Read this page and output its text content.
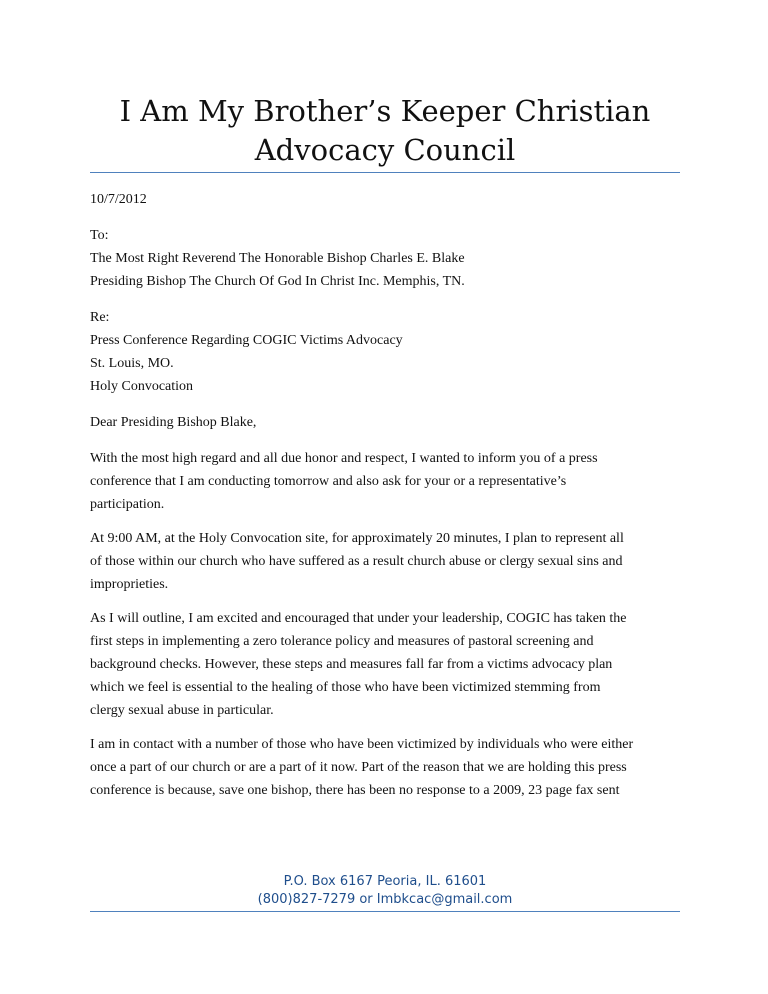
I Am My Brother’s Keeper Christian
Advocacy Council
10/7/2012
To:
The Most Right Reverend The Honorable Bishop Charles E. Blake
Presiding Bishop The Church Of God In Christ Inc. Memphis, TN.
Re:
Press Conference Regarding COGIC Victims Advocacy
St. Louis, MO.
Holy Convocation
Dear Presiding Bishop Blake,
With the most high regard and all due honor and respect, I wanted to inform you of a press
conference that I am conducting tomorrow and also ask for your or a representative’s
participation.
At 9:00 AM, at the Holy Convocation site, for approximately 20 minutes, I plan to represent all
of those within our church who have suffered as a result church abuse or clergy sexual sins and
improprieties.
As I will outline, I am excited and encouraged that under your leadership, COGIC has taken the
first steps in implementing a zero tolerance policy and measures of pastoral screening and
background checks. However, these steps and measures fall far from a victims advocacy plan
which we feel is essential to the healing of those who have been victimized stemming from
clergy sexual abuse in particular.
I am in contact with a number of those who have been victimized by individuals who were either
once a part of our church or are a part of it now. Part of the reason that we are holding this press
conference is because, save one bishop, there has been no response to a 2009, 23 page fax sent
P.O. Box 6167 Peoria, IL. 61601
(800)827-7279 or Imbkcac@gmail.com
